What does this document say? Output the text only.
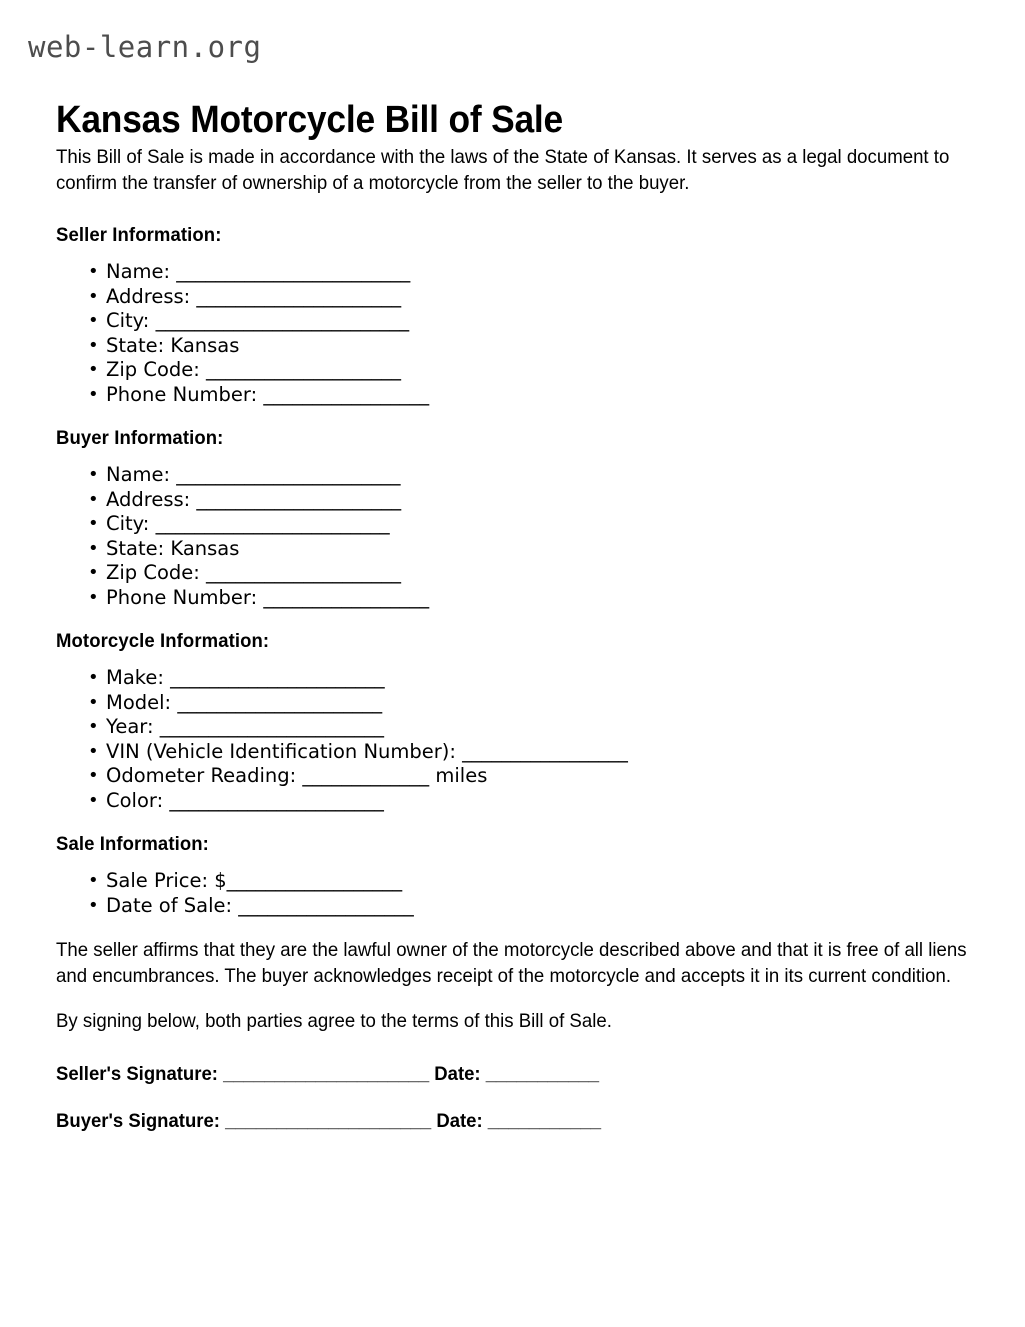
web-learn.org
Kansas Motorcycle Bill of Sale

This Bill of Sale is made in accordance with the laws of the State of Kansas. It serves as a legal document to confirm the transfer of ownership of a motorcycle from the seller to the buyer.

Seller Information:
• Name: ________________________
• Address: _____________________
• City: __________________________
• State: Kansas
• Zip Code: ____________________
• Phone Number: _________________
Buyer Information:
• Name: _______________________
• Address: _____________________
• City: ________________________
• State: Kansas
• Zip Code: ____________________
• Phone Number: _________________
Motorcycle Information:
• Make: ______________________
• Model: _____________________
• Year: _______________________
• VIN (Vehicle Identification Number): _________________
• Odometer Reading: _____________ miles
• Color: ______________________
Sale Information:
• Sale Price: $__________________
• Date of Sale: __________________

The seller affirms that they are the lawful owner of the motorcycle described above and that it is free of all liens and encumbrances. The buyer acknowledges receipt of the motorcycle and accepts it in its current condition.

By signing below, both parties agree to the terms of this Bill of Sale.

Seller's Signature: ____________________ Date: ___________
Buyer's Signature: ____________________ Date: ___________
